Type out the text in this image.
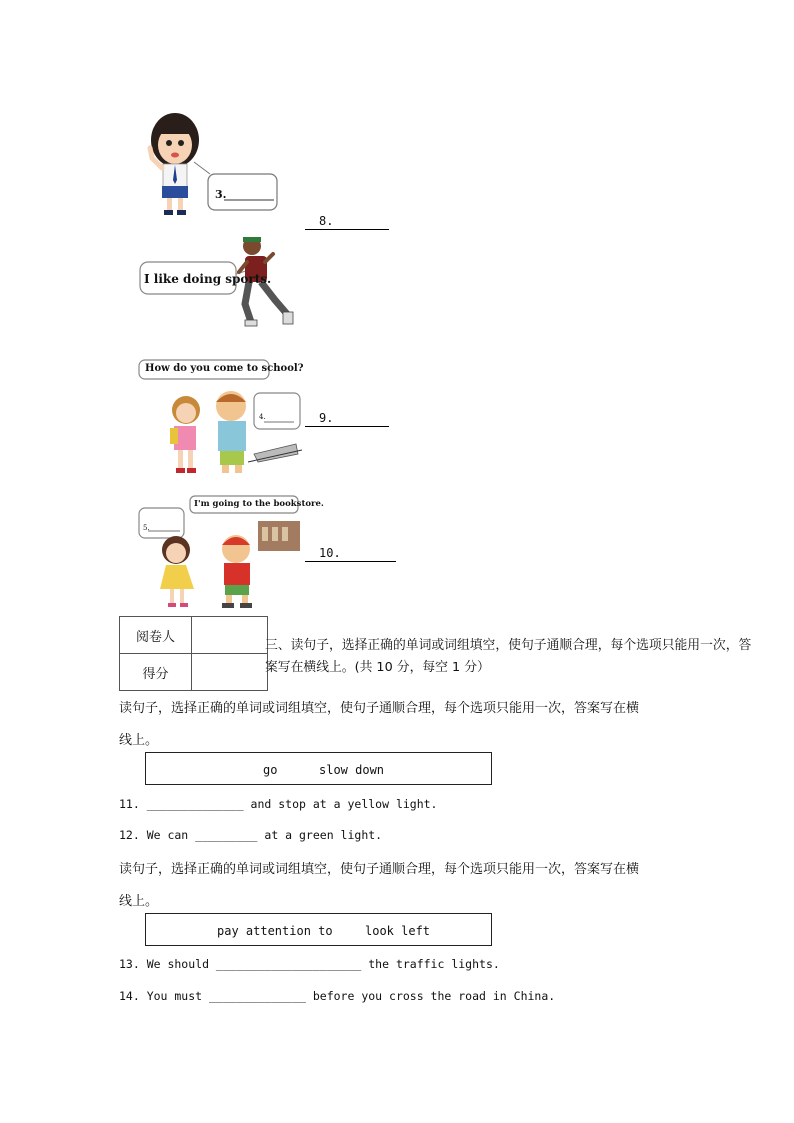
3.
8.
I like doing sports.
How do you come to school?
4.	9.
I'm going to the bookstore.
5.
10.
阅卷人	
得分	
三、读句子，选择正确的单词或词组填空，使句子通顺合理，每个选项只能用一次，答
案写在横线上。(共 10 分，每空 1 分）
读句子，选择正确的单词或词组填空，使句子通顺合理，每个选项只能用一次，答案写在横
线上。
go	slow down
11. ______________ and stop at a yellow light.
12. We can _________ at a green light.
读句子，选择正确的单词或词组填空，使句子通顺合理，每个选项只能用一次，答案写在横
线上。
pay attention to	look left
13. We should _____________________ the traffic lights.
14. You must ______________ before you cross the road in China.
